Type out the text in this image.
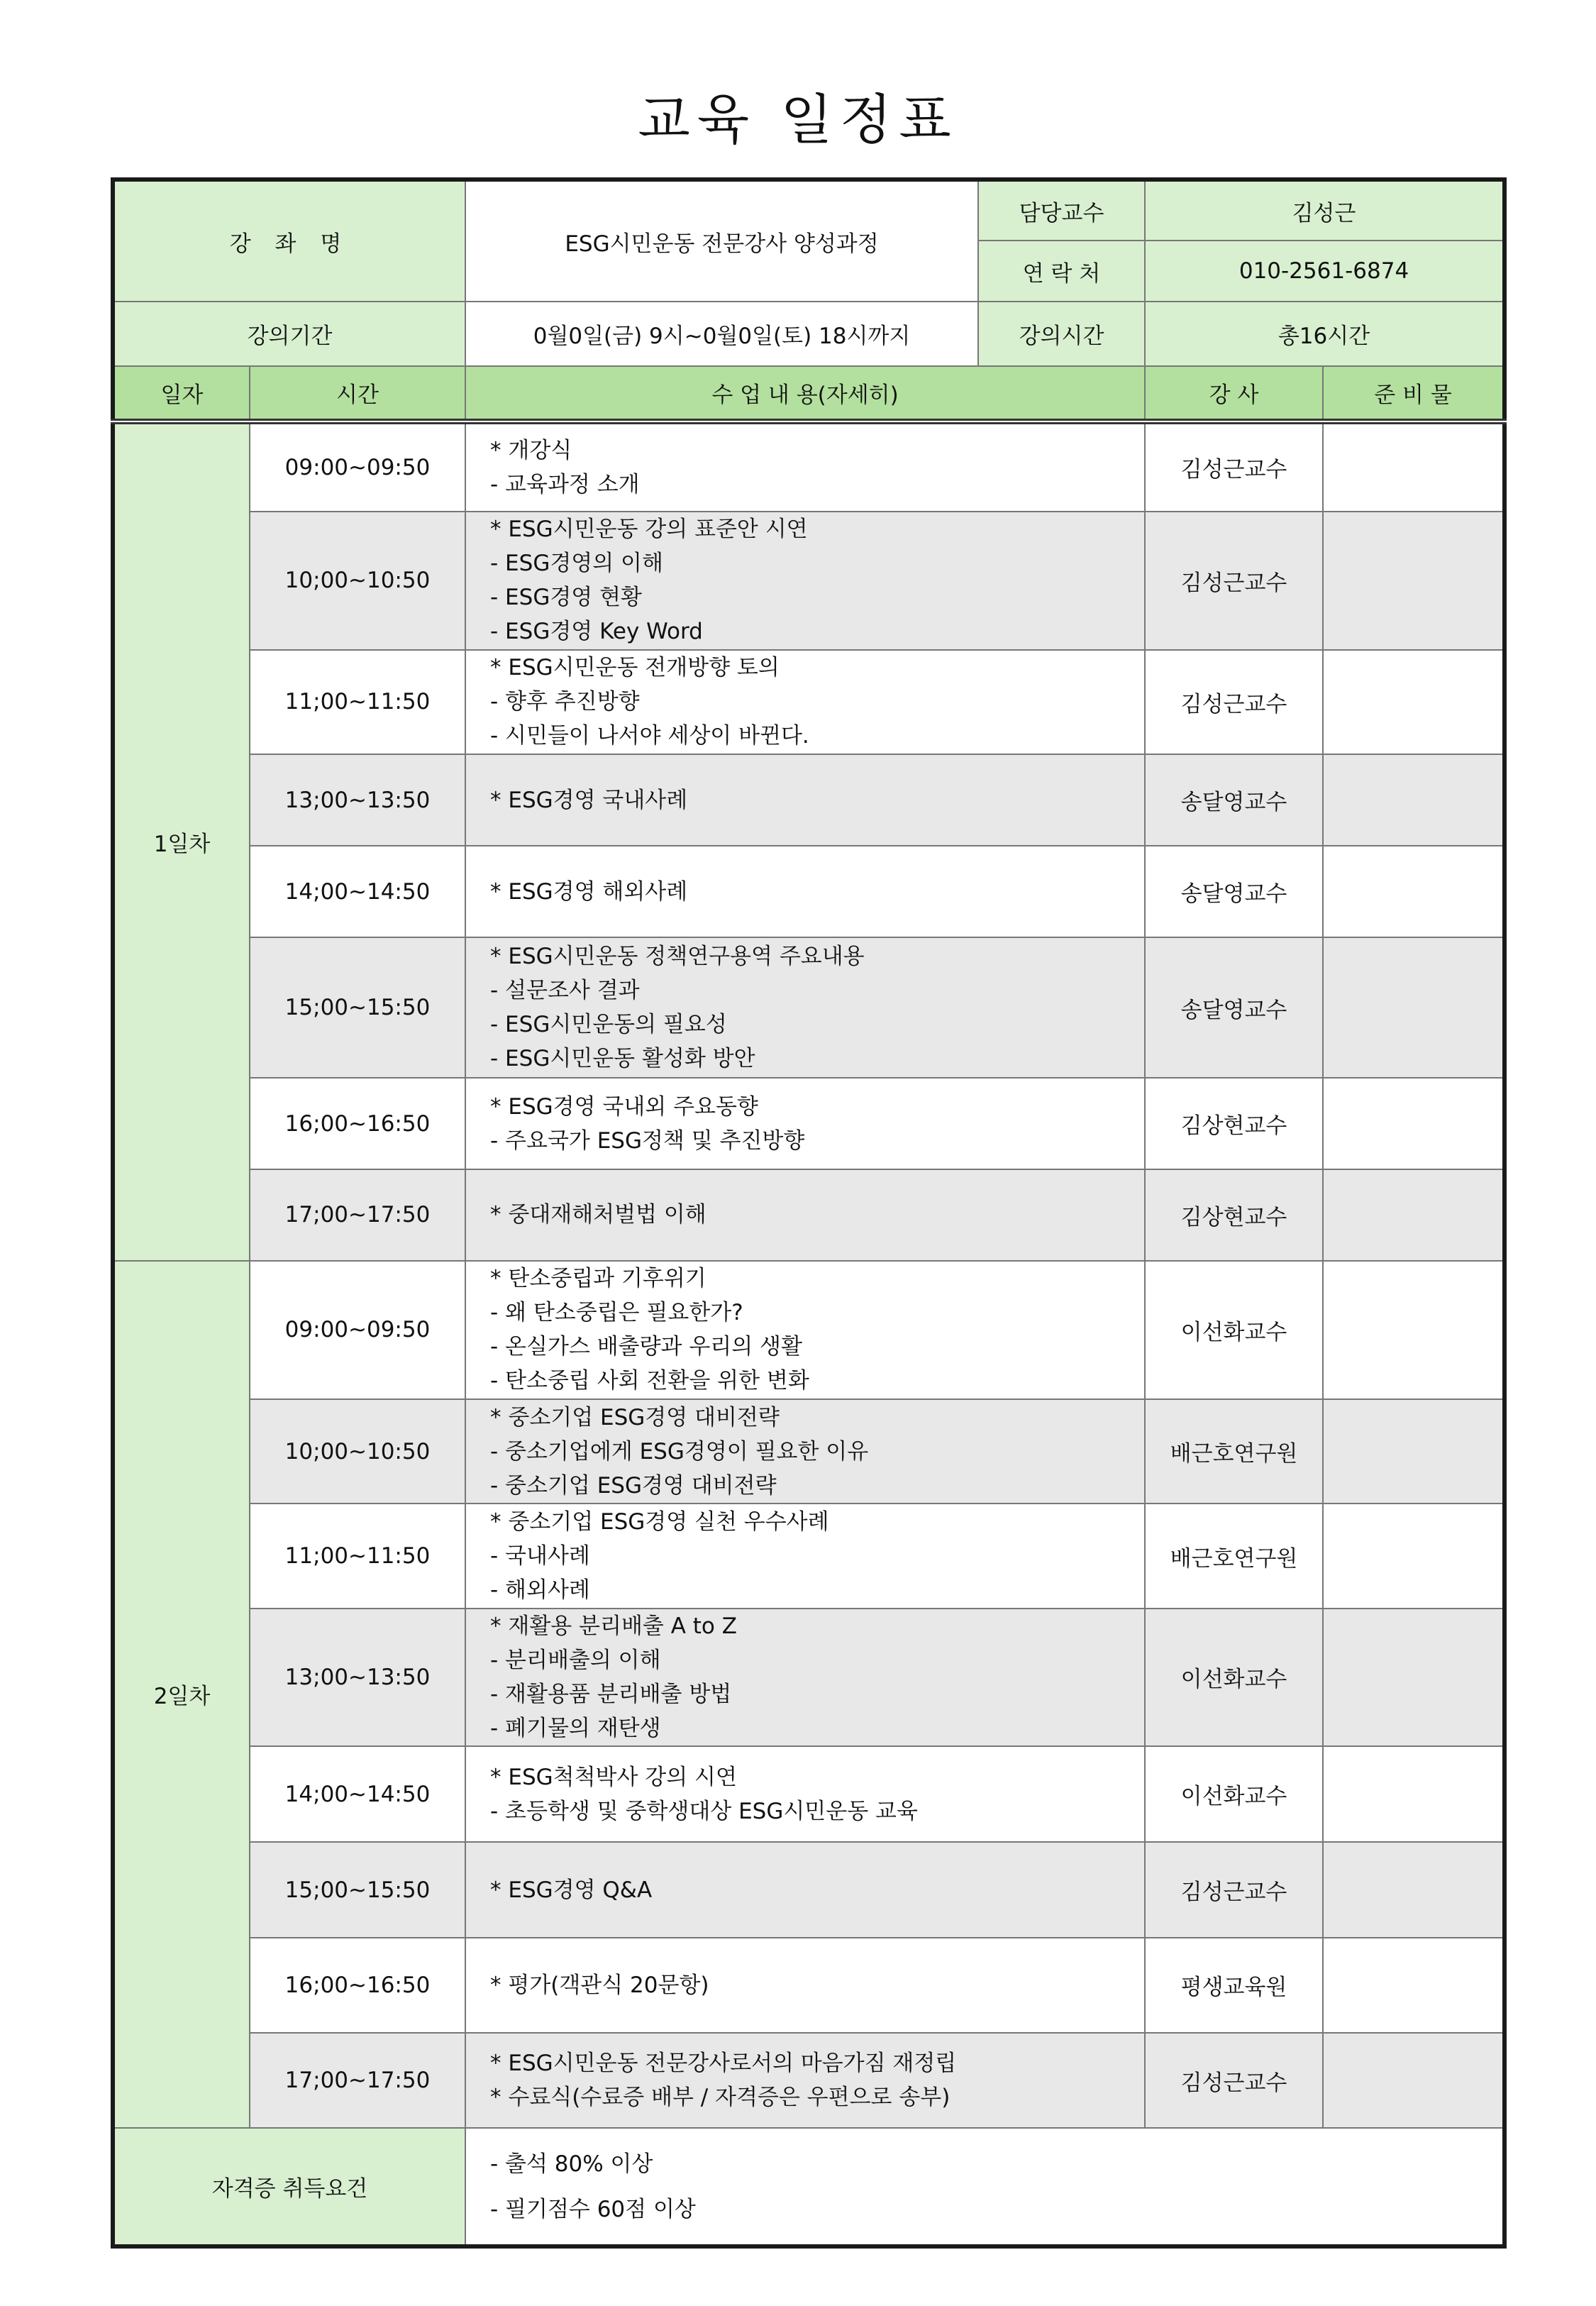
교육 일정표
강 좌 명		ESG시민운동 전문강사 양성과정	담당교수	김성근	
			연 락 처	010-2561-6874	
강의기간		0월0일(금) 9시~0월0일(토) 18시까지	강의시간	총16시간	
일자	시간	수 업 내 용(자세히)		강 사	준 비 물
1일차	09:00~09:50	* 개강식
- 교육과정 소개		김성근교수	
	10;00~10:50	* ESG시민운동 강의 표준안 시연
- ESG경영의 이해
- ESG경영 현황
- ESG경영 Key Word		김성근교수	
	11;00~11:50	* ESG시민운동 전개방향 토의
- 향후 추진방향
- 시민들이 나서야 세상이 바뀐다.		김성근교수	
	13;00~13:50	* ESG경영 국내사례		송달영교수	
	14;00~14:50	* ESG경영 해외사례		송달영교수	
	15;00~15:50	* ESG시민운동 정책연구용역 주요내용
- 설문조사 결과
- ESG시민운동의 필요성
- ESG시민운동 활성화 방안		송달영교수	
	16;00~16:50	* ESG경영 국내외 주요동향
- 주요국가 ESG정책 및 추진방향		김상현교수	
	17;00~17:50	* 중대재해처벌법 이해		김상현교수	
2일차	09:00~09:50	* 탄소중립과 기후위기
- 왜 탄소중립은 필요한가?
- 온실가스 배출량과 우리의 생활
- 탄소중립 사회 전환을 위한 변화		이선화교수	
	10;00~10:50	* 중소기업 ESG경영 대비전략
- 중소기업에게 ESG경영이 필요한 이유
- 중소기업 ESG경영 대비전략		배근호연구원	
	11;00~11:50	* 중소기업 ESG경영 실천 우수사례
- 국내사례
- 해외사례		배근호연구원	
	13;00~13:50	* 재활용 분리배출 A to Z
- 분리배출의 이해
- 재활용품 분리배출 방법
- 폐기물의 재탄생		이선화교수	
	14;00~14:50	* ESG척척박사 강의 시연
- 초등학생 및 중학생대상 ESG시민운동 교육		이선화교수	
	15;00~15:50	* ESG경영 Q&A		김성근교수	
	16;00~16:50	* 평가(객관식 20문항)		평생교육원	
	17;00~17:50	* ESG시민운동 전문강사로서의 마음가짐 재정립
* 수료식(수료증 배부 / 자격증은 우편으로 송부)		김성근교수	
자격증 취득요건		- 출석 80% 이상
- 필기점수 60점 이상			
